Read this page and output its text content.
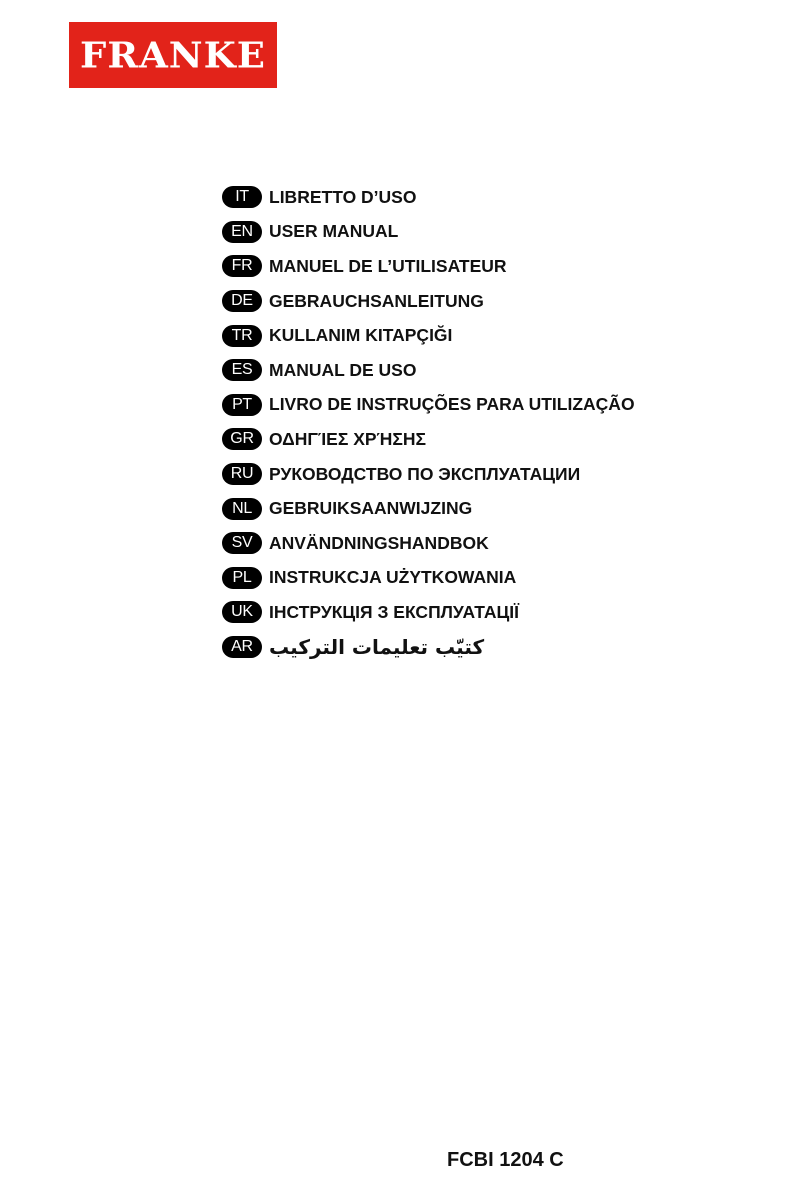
FRANKE
IT	LIBRETTO D’USO
EN USER MANUAL
FR MANUEL DE L’UTILISATEUR
DE GEBRAUCHSANLEITUNG
TR KULLANIM KITAPÇIĞI
ES MANUAL DE USO
PT LIVRO DE INSTRUÇÕES PARA UTILIZAÇÃO
GR ΟΔΗΓΊΕΣ ΧΡΉΣΗΣ
RU РУКОВОДСТВО ПО ЭКСПЛУАТАЦИИ
NL GEBRUIKSAANWIJZING
SV ANVÄNDNINGSHANDBOK
PL	INSTRUKCJA UŻYTKOWANIA
UK ІНСТРУКЦІЯ З ЕКСПЛУАТАЦІЇ
AR كتيّب تعليمات التركيب
FCBI 1204 C
